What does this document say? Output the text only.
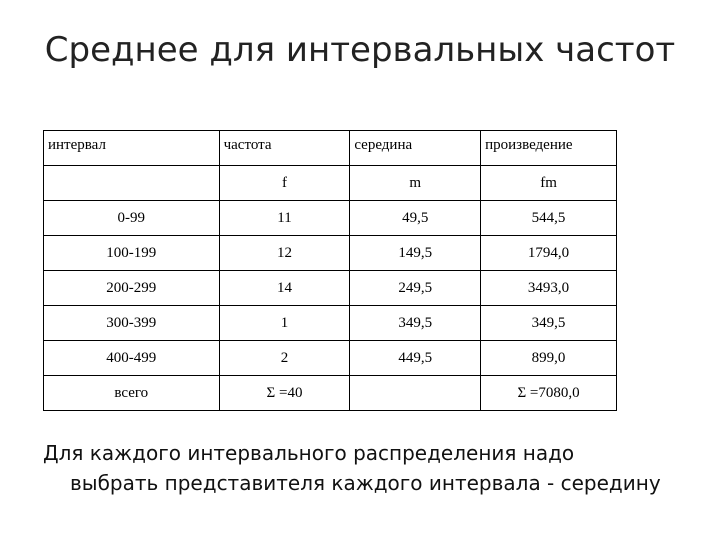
Среднее для интервальных частот
интервал	частота	середина	произведение
	f	m	fm
0-99	11	49,5	544,5
100-199	12	149,5	1794,0
200-299	14	249,5	3493,0
300-399	1	349,5	349,5
400-499	2	449,5	899,0
всего	Σ =40		Σ =7080,0
Для каждого интервального распределения надо
выбрать представителя каждого интервала - середину
